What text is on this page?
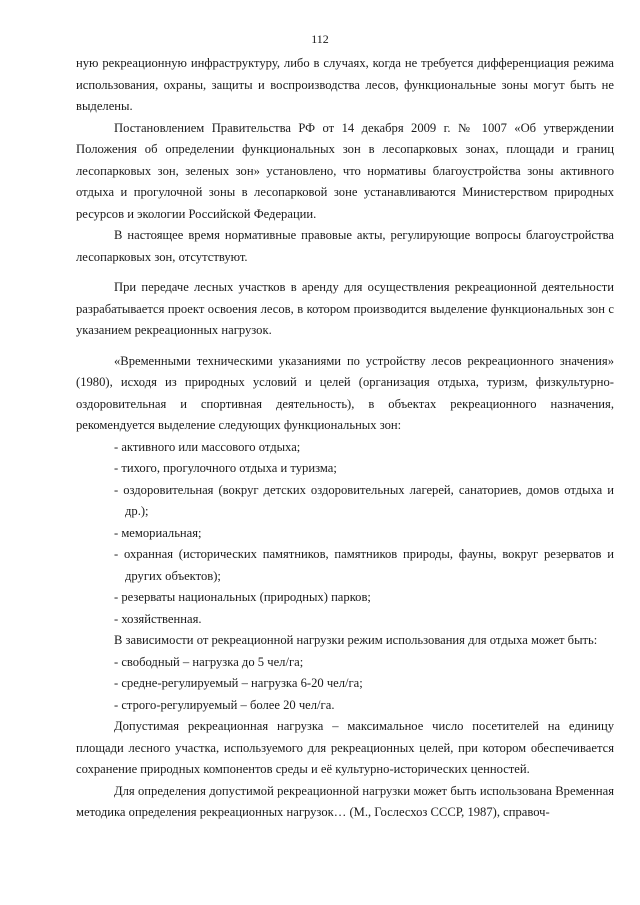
112

ную рекреационную инфраструктуру, либо в случаях, когда не требуется дифференциация режима использования, охраны, защиты и воспроизводства лесов, функциональные зоны могут быть не выделены.

Постановлением Правительства РФ от 14 декабря 2009 г. № 1007 «Об утверждении Положения об определении функциональных зон в лесопарковых зонах, площади и границ лесопарковых зон, зеленых зон» установлено, что нормативы благоустройства зоны активного отдыха и прогулочной зоны в лесопарковой зоне устанавливаются Министерством природных ресурсов и экологии Российской Федерации.

В настоящее время нормативные правовые акты, регулирующие вопросы благоустройства лесопарковых зон, отсутствуют.

При передаче лесных участков в аренду для осуществления рекреационной деятельности разрабатывается проект освоения лесов, в котором производится выделение функциональных зон с указанием рекреационных нагрузок.

«Временными техническими указаниями по устройству лесов рекреационного значения» (1980), исходя из природных условий и целей (организация отдыха, туризм, физкультурно-оздоровительная и спортивная деятельность), в объектах рекреационного назначения, рекомендуется выделение следующих функциональных зон:

- активного или массового отдыха;

- тихого, прогулочного отдыха и туризма;

- оздоровительная (вокруг детских оздоровительных лагерей, санаториев, домов отдыха и др.);

- мемориальная;

- охранная (исторических памятников, памятников природы, фауны, вокруг резерватов и других объектов);

- резерваты национальных (природных) парков;

- хозяйственная.

В зависимости от рекреационной нагрузки режим использования для отдыха может быть:

- свободный – нагрузка до 5 чел/га;

- средне-регулируемый – нагрузка 6-20 чел/га;

- строго-регулируемый – более 20 чел/га.

Допустимая рекреационная нагрузка – максимальное число посетителей на единицу площади лесного участка, используемого для рекреационных целей, при котором обеспечивается сохранение природных компонентов среды и её культурно-исторических ценностей.

Для определения допустимой рекреационной нагрузки может быть использована Временная методика определения рекреационных нагрузок… (М., Гослесхоз СССР, 1987), справоч-
